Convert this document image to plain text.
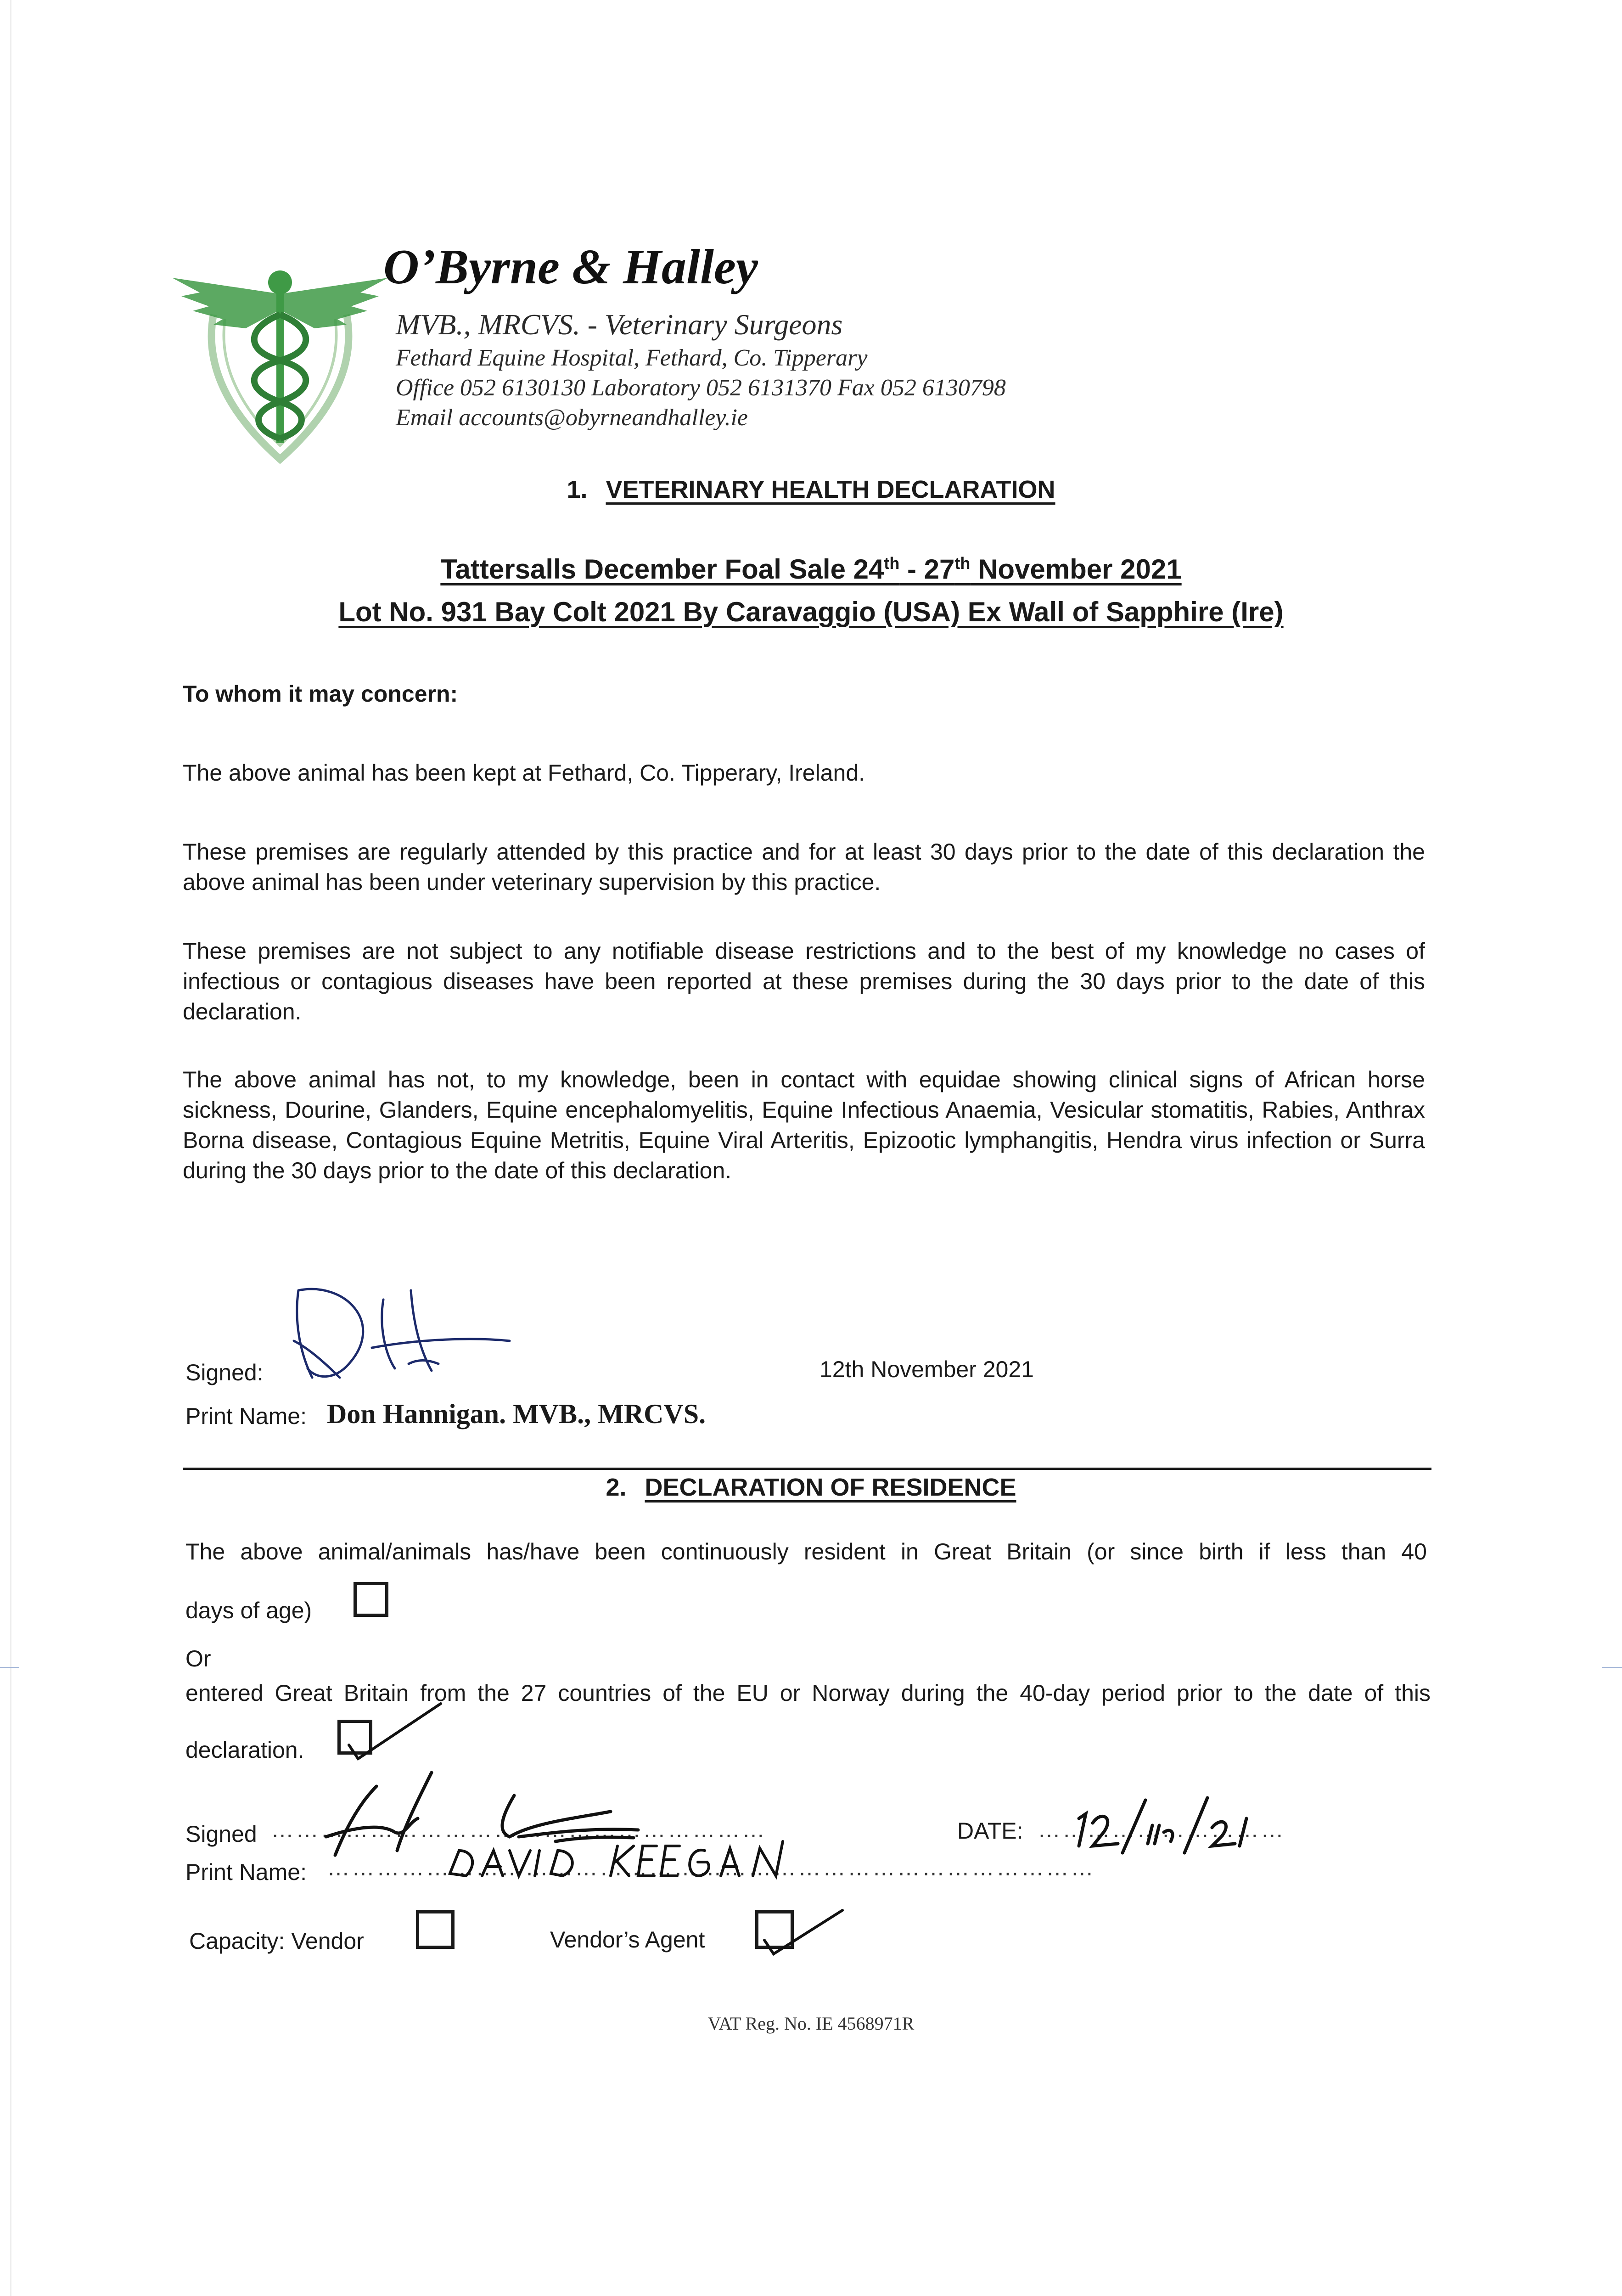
O’Byrne & Halley
MVB., MRCVS. - Veterinary Surgeons
Fethard Equine Hospital, Fethard, Co. Tipperary
Office 052 6130130 Laboratory 052 6131370 Fax 052 6130798
Email accounts@obyrneandhalley.ie
1. VETERINARY HEALTH DECLARATION
Tattersalls December Foal Sale 24th - 27th November 2021
Lot No. 931 Bay Colt 2021 By Caravaggio (USA) Ex Wall of Sapphire (Ire)
To whom it may concern:
The above animal has been kept at Fethard, Co. Tipperary, Ireland.
These premises are regularly attended by this practice and for at least 30 days prior to the date of this declaration the above animal has been under veterinary supervision by this practice.
These premises are not subject to any notifiable disease restrictions and to the best of my knowledge no cases of infectious or contagious diseases have been reported at these premises during the 30 days prior to the date of this declaration.
The above animal has not, to my knowledge, been in contact with equidae showing clinical signs of African horse sickness, Dourine, Glanders, Equine encephalomyelitis, Equine Infectious Anaemia, Vesicular stomatitis, Rabies, Anthrax Borna disease, Contagious Equine Metritis, Equine Viral Arteritis, Epizootic lymphangitis, Hendra virus infection or Surra during the 30 days prior to the date of this declaration.
Signed:	12th November 2021
Print Name: Don Hannigan. MVB., MRCVS.
2. DECLARATION OF RESIDENCE
The above animal/animals has/have been continuously resident in Great Britain (or since birth if less than 40
days of age)
Or
entered Great Britain from the 27 countries of the EU or Norway during the 40-day period prior to the date of this
declaration.
Signed ……………………………………………………	DATE: …………………………
Print Name: …………………………………………………………………………………
Capacity: Vendor	Vendor’s Agent
VAT Reg. No. IE 4568971R
